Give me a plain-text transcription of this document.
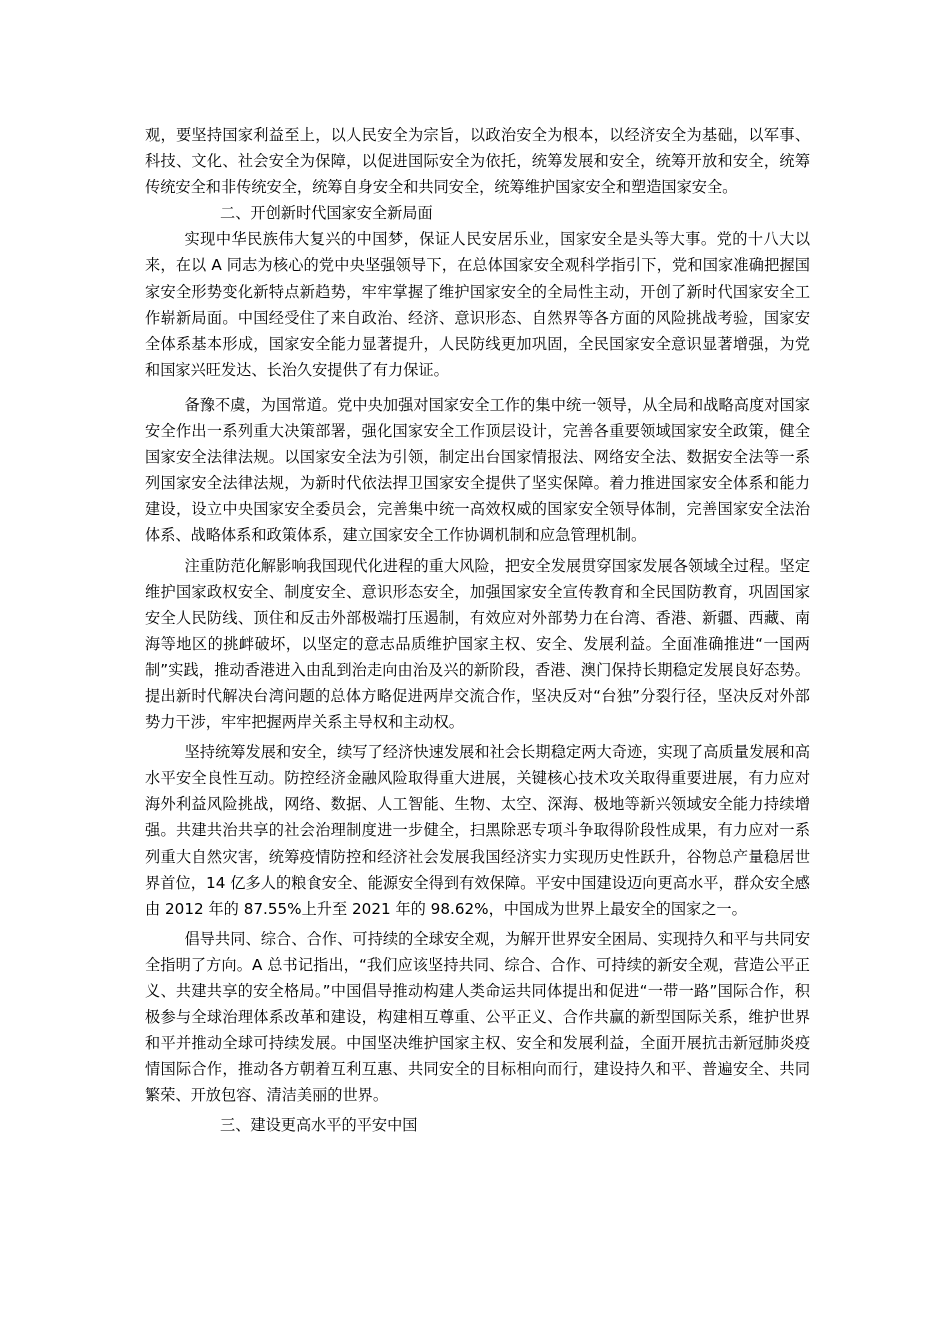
观，要坚持国家利益至上，以人民安全为宗旨，以政治安全为根本，以经济安全为基础，以军事、科技、文化、社会安全为保障，以促进国际安全为依托，统筹发展和安全，统筹开放和安全，统筹传统安全和非传统安全，统筹自身安全和共同安全，统筹维护国家安全和塑造国家安全。

二、开创新时代国家安全新局面

实现中华民族伟大复兴的中国梦，保证人民安居乐业，国家安全是头等大事。党的十八大以来，在以 A 同志为核心的党中央坚强领导下，在总体国家安全观科学指引下，党和国家准确把握国家安全形势变化新特点新趋势，牢牢掌握了维护国家安全的全局性主动，开创了新时代国家安全工作崭新局面。中国经受住了来自政治、经济、意识形态、自然界等各方面的风险挑战考验，国家安全体系基本形成，国家安全能力显著提升，人民防线更加巩固，全民国家安全意识显著增强，为党和国家兴旺发达、长治久安提供了有力保证。

备豫不虞，为国常道。党中央加强对国家安全工作的集中统一领导，从全局和战略高度对国家安全作出一系列重大决策部署，强化国家安全工作顶层设计，完善各重要领域国家安全政策，健全国家安全法律法规。以国家安全法为引领，制定出台国家情报法、网络安全法、数据安全法等一系列国家安全法律法规，为新时代依法捍卫国家安全提供了坚实保障。着力推进国家安全体系和能力建设，设立中央国家安全委员会，完善集中统一高效权威的国家安全领导体制，完善国家安全法治体系、战略体系和政策体系，建立国家安全工作协调机制和应急管理机制。

注重防范化解影响我国现代化进程的重大风险，把安全发展贯穿国家发展各领域全过程。坚定维护国家政权安全、制度安全、意识形态安全，加强国家安全宣传教育和全民国防教育，巩固国家安全人民防线、顶住和反击外部极端打压遏制，有效应对外部势力在台湾、香港、新疆、西藏、南海等地区的挑衅破坏，以坚定的意志品质维护国家主权、安全、发展利益。全面准确推进“一国两制”实践，推动香港进入由乱到治走向由治及兴的新阶段，香港、澳门保持长期稳定发展良好态势。提出新时代解决台湾问题的总体方略促进两岸交流合作，坚决反对“台独”分裂行径，坚决反对外部势力干涉，牢牢把握两岸关系主导权和主动权。

坚持统筹发展和安全，续写了经济快速发展和社会长期稳定两大奇迹，实现了高质量发展和高水平安全良性互动。防控经济金融风险取得重大进展，关键核心技术攻关取得重要进展，有力应对海外利益风险挑战，网络、数据、人工智能、生物、太空、深海、极地等新兴领域安全能力持续增强。共建共治共享的社会治理制度进一步健全，扫黑除恶专项斗争取得阶段性成果，有力应对一系列重大自然灾害，统筹疫情防控和经济社会发展我国经济实力实现历史性跃升，谷物总产量稳居世界首位，14 亿多人的粮食安全、能源安全得到有效保障。平安中国建设迈向更高水平，群众安全感由 2012 年的 87.55%上升至 2021 年的 98.62%，中国成为世界上最安全的国家之一。

倡导共同、综合、合作、可持续的全球安全观，为解开世界安全困局、实现持久和平与共同安全指明了方向。A 总书记指出，“我们应该坚持共同、综合、合作、可持续的新安全观，营造公平正义、共建共享的安全格局。”中国倡导推动构建人类命运共同体提出和促进“一带一路”国际合作，积极参与全球治理体系改革和建设，构建相互尊重、公平正义、合作共赢的新型国际关系，维护世界和平并推动全球可持续发展。中国坚决维护国家主权、安全和发展利益，全面开展抗击新冠肺炎疫情国际合作，推动各方朝着互利互惠、共同安全的目标相向而行，建设持久和平、普遍安全、共同繁荣、开放包容、清洁美丽的世界。

三、建设更高水平的平安中国
